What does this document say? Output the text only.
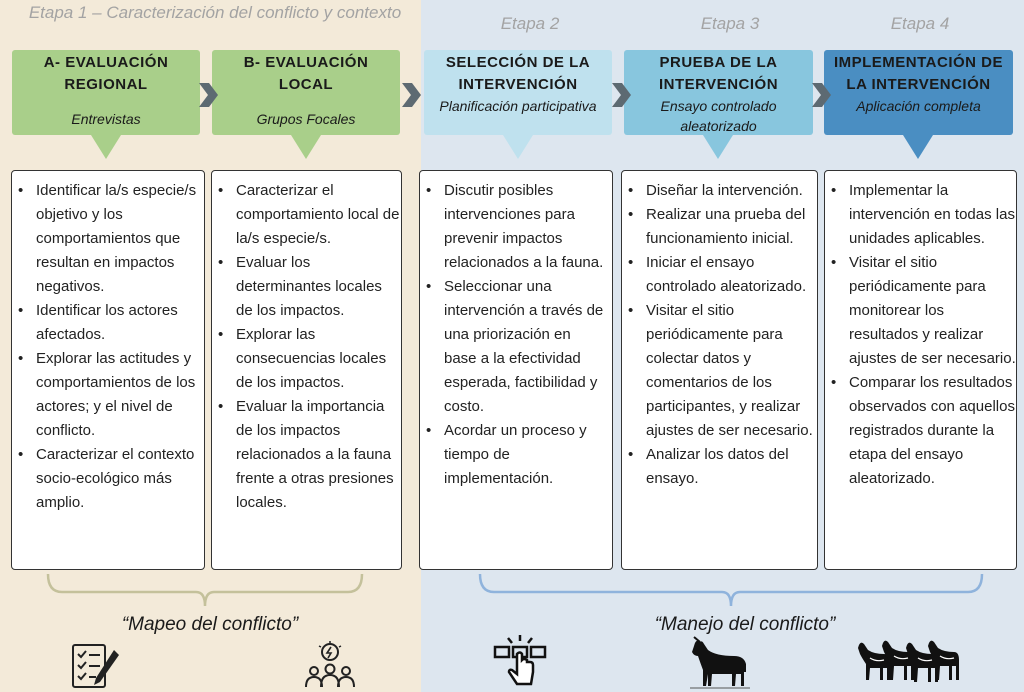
Etapa 1 – Caracterización del conflicto y contexto
Etapa 2	Etapa 3	Etapa 4
A- EVALUACIÓN REGIONAL
Entrevistas
B- EVALUACIÓN LOCAL
Grupos Focales
SELECCIÓN DE LA INTERVENCIÓN
Planificación participativa
PRUEBA DE LA INTERVENCIÓN
Ensayo controlado aleatorizado
IMPLEMENTACIÓN DE LA INTERVENCIÓN
Aplicación completa
• Identificar la/s especie/s objetivo y los comportamientos que resultan en impactos negativos.
• Identificar los actores afectados.
• Explorar las actitudes y comportamientos de los actores; y el nivel de conflicto.
• Caracterizar el contexto socio-ecológico más amplio.
• Caracterizar el comportamiento local de la/s especie/s.
• Evaluar los determinantes locales de los impactos.
• Explorar las consecuencias locales de los impactos.
• Evaluar la importancia de los impactos relacionados a la fauna frente a otras presiones locales.
• Discutir posibles intervenciones para prevenir impactos relacionados a la fauna.
• Seleccionar una intervención a través de una priorización en base a la efectividad esperada, factibilidad y costo.
• Acordar un proceso y tiempo de implementación.
• Diseñar la intervención.
• Realizar una prueba del funcionamiento inicial.
• Iniciar el ensayo controlado aleatorizado.
• Visitar el sitio periódicamente para colectar datos y comentarios de los participantes, y realizar ajustes de ser necesario.
• Analizar los datos del ensayo.
• Implementar la intervención en todas las unidades aplicables.
• Visitar el sitio periódicamente para monitorear los resultados y realizar ajustes de ser necesario.
• Comparar los resultados observados con aquellos registrados durante la etapa del ensayo aleatorizado.
“Mapeo del conflicto”	“Manejo del conflicto”
